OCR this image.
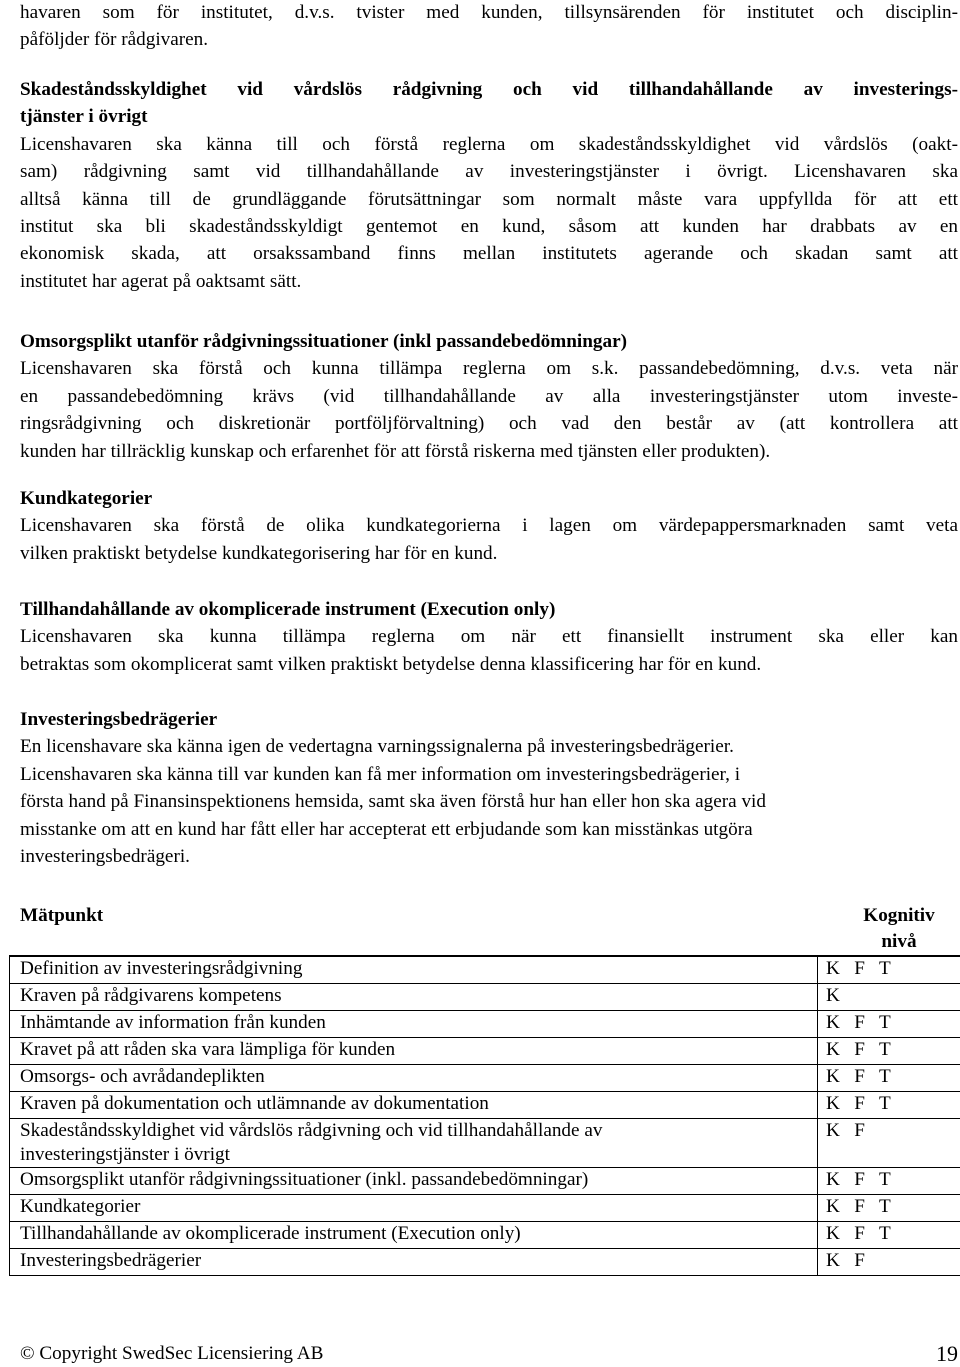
havaren som för institutet, d.v.s. tvister med kunden, tillsynsärenden för institutet och disciplin-

påföljder för rådgivaren.

Skadeståndsskyldighet vid vårdslös rådgivning och vid tillhandahållande av investerings-

tjänster i övrigt

Licenshavaren ska känna till och förstå reglerna om skadeståndsskyldighet vid vårdslös (oakt-

sam) rådgivning samt vid tillhandahållande av investeringstjänster i övrigt. Licenshavaren ska

alltså känna till de grundläggande förutsättningar som normalt måste vara uppfyllda för att ett

institut ska bli skadeståndsskyldigt gentemot en kund, såsom att kunden har drabbats av en

ekonomisk skada, att orsakssamband finns mellan institutets agerande och skadan samt att

institutet har agerat på oaktsamt sätt.

Omsorgsplikt utanför rådgivningssituationer (inkl passandebedömningar)

Licenshavaren ska förstå och kunna tillämpa reglerna om s.k. passandebedömning, d.v.s. veta när

en passandebedömning krävs (vid tillhandahållande av alla investeringstjänster utom investe-

ringsrådgivning och diskretionär portföljförvaltning) och vad den består av (att kontrollera att

kunden har tillräcklig kunskap och erfarenhet för att förstå riskerna med tjänsten eller produkten).

Kundkategorier

Licenshavaren ska förstå de olika kundkategorierna i lagen om värdepappersmarknaden samt veta

vilken praktiskt betydelse kundkategorisering har för en kund.

Tillhandahållande av okomplicerade instrument (Execution only)

Licenshavaren ska kunna tillämpa reglerna om när ett finansiellt instrument ska eller kan

betraktas som okomplicerat samt vilken praktiskt betydelse denna klassificering har för en kund.

Investeringsbedrägerier

En licenshavare ska känna igen de vedertagna varningssignalerna på investeringsbedrägerier.

Licenshavaren ska känna till var kunden kan få mer information om investeringsbedrägerier, i

första hand på Finansinspektionens hemsida, samt ska även förstå hur han eller hon ska agera vid

misstanke om att en kund har fått eller har accepterat ett erbjudande som kan misstänkas utgöra

investeringsbedrägeri.

Mätpunkt	Kognitiv
nivå
Definition av investeringsrådgivning	K   F   T
Kraven på rådgivarens kompetens	K
Inhämtande av information från kunden	K   F   T
Kravet på att råden ska vara lämpliga för kunden	K   F   T
Omsorgs- och avrådandeplikten	K   F   T
Kraven på dokumentation och utlämnande av dokumentation	K   F   T

Skadeståndsskyldighet vid vårdslös rådgivning och vid tillhandahållande av
investeringstjänster i övrigt	K   F
Omsorgsplikt utanför rådgivningssituationer (inkl. passandebedömningar)	K   F   T
Kundkategorier	K   F   T
Tillhandahållande av okomplicerade instrument (Execution only)	K   F   T
Investeringsbedrägerier	K   F
© Copyright SwedSec Licensiering AB	19
